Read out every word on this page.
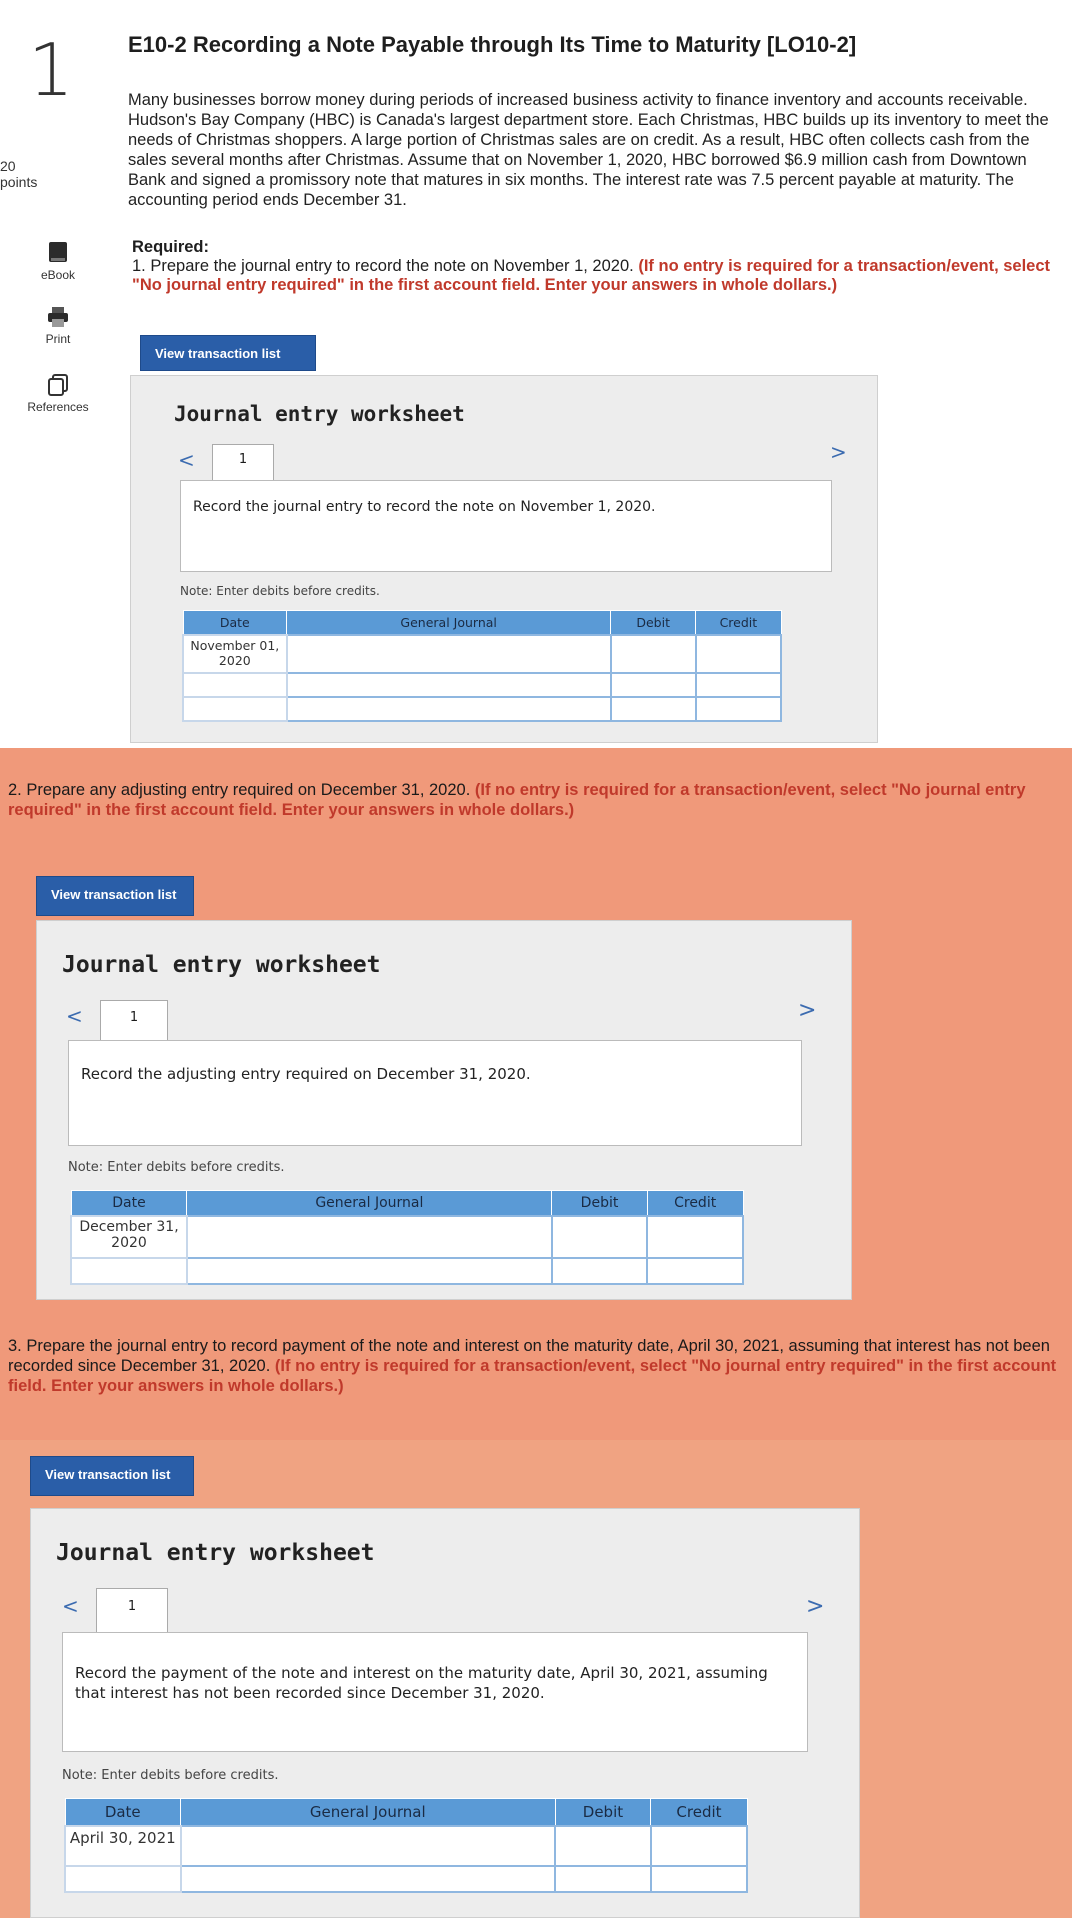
1
20
points
eBook
Print
References
E10-2 Recording a Note Payable through Its Time to Maturity [LO10-2]
Many businesses borrow money during periods of increased business activity to finance inventory and accounts receivable. Hudson's Bay Company (HBC) is Canada's largest department store. Each Christmas, HBC builds up its inventory to meet the needs of Christmas shoppers. A large portion of Christmas sales are on credit. As a result, HBC often collects cash from the sales several months after Christmas. Assume that on November 1, 2020, HBC borrowed $6.9 million cash from Downtown Bank and signed a promissory note that matures in six months. The interest rate was 7.5 percent payable at maturity. The accounting period ends December 31.
Required:
1. Prepare the journal entry to record the note on November 1, 2020. (If no entry is required for a transaction/event, select "No journal entry required" in the first account field. Enter your answers in whole dollars.)
View transaction list
Journal entry worksheet
<	1	>
Record the journal entry to record the note on November 1, 2020.
Note: Enter debits before credits.
Date	General Journal	Debit	Credit
November 01, 2020			

2. Prepare any adjusting entry required on December 31, 2020. (If no entry is required for a transaction/event, select "No journal entry required" in the first account field. Enter your answers in whole dollars.)
View transaction list
Journal entry worksheet
<	1	>
Record the adjusting entry required on December 31, 2020.
Note: Enter debits before credits.
Date	General Journal	Debit	Credit
December 31, 2020			

3. Prepare the journal entry to record payment of the note and interest on the maturity date, April 30, 2021, assuming that interest has not been recorded since December 31, 2020. (If no entry is required for a transaction/event, select "No journal entry required" in the first account field. Enter your answers in whole dollars.)
View transaction list
Journal entry worksheet
<	1	>
Record the payment of the note and interest on the maturity date, April 30, 2021, assuming that interest has not been recorded since December 31, 2020.
Note: Enter debits before credits.
Date	General Journal	Debit	Credit
April 30, 2021			
